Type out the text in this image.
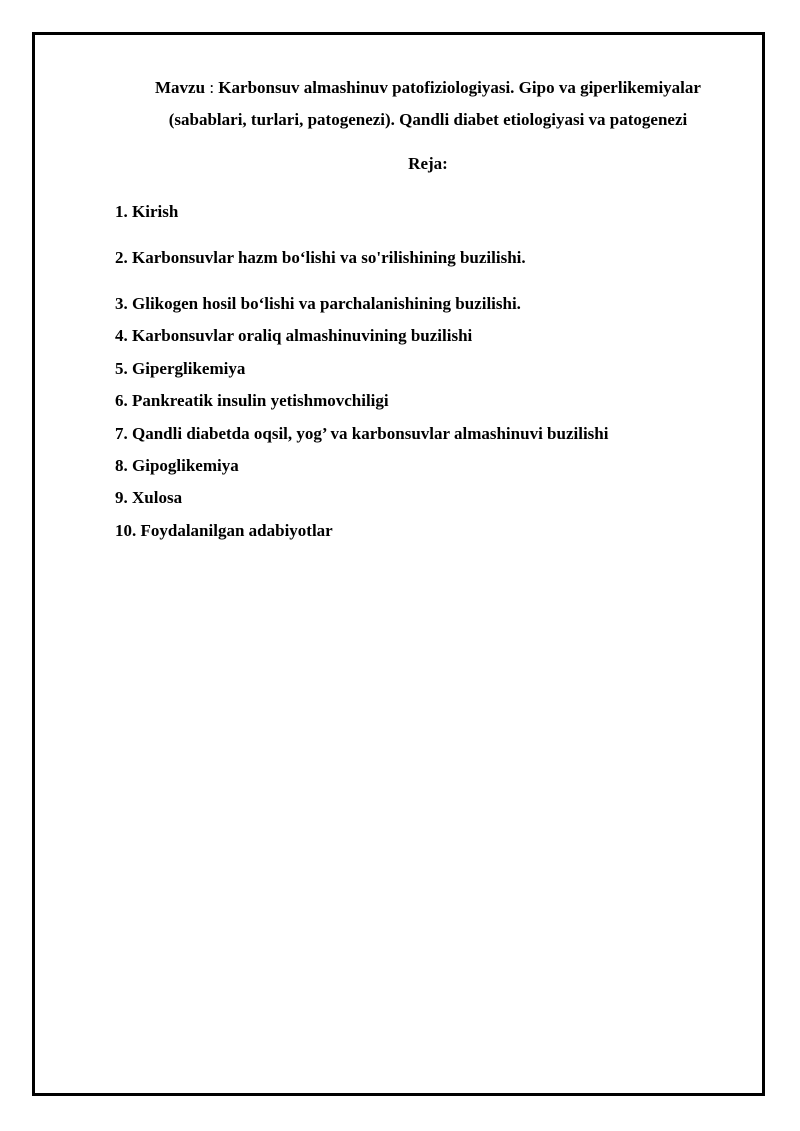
Mavzu : Karbonsuv almashinuv patofiziologiyasi. Gipo va giperlikemiyalar
(sabablari, turlari, patogenezi). Qandli diabet etiologiyasi va patogenezi
Reja:
1. Kirish
2. Karbonsuvlar hazm bo‘lishi va so'rilishining buzilishi.
3. Glikogen hosil bo‘lishi va parchalanishining buzilishi.
4. Karbonsuvlar oraliq almashinuvining buzilishi
5. Giperglikemiya
6. Pankreatik insulin yetishmovchiligi
7. Qandli diabetda oqsil, yog’ va karbonsuvlar almashinuvi buzilishi
8. Gipoglikemiya
9. Xulosa
10. Foydalanilgan adabiyotlar
